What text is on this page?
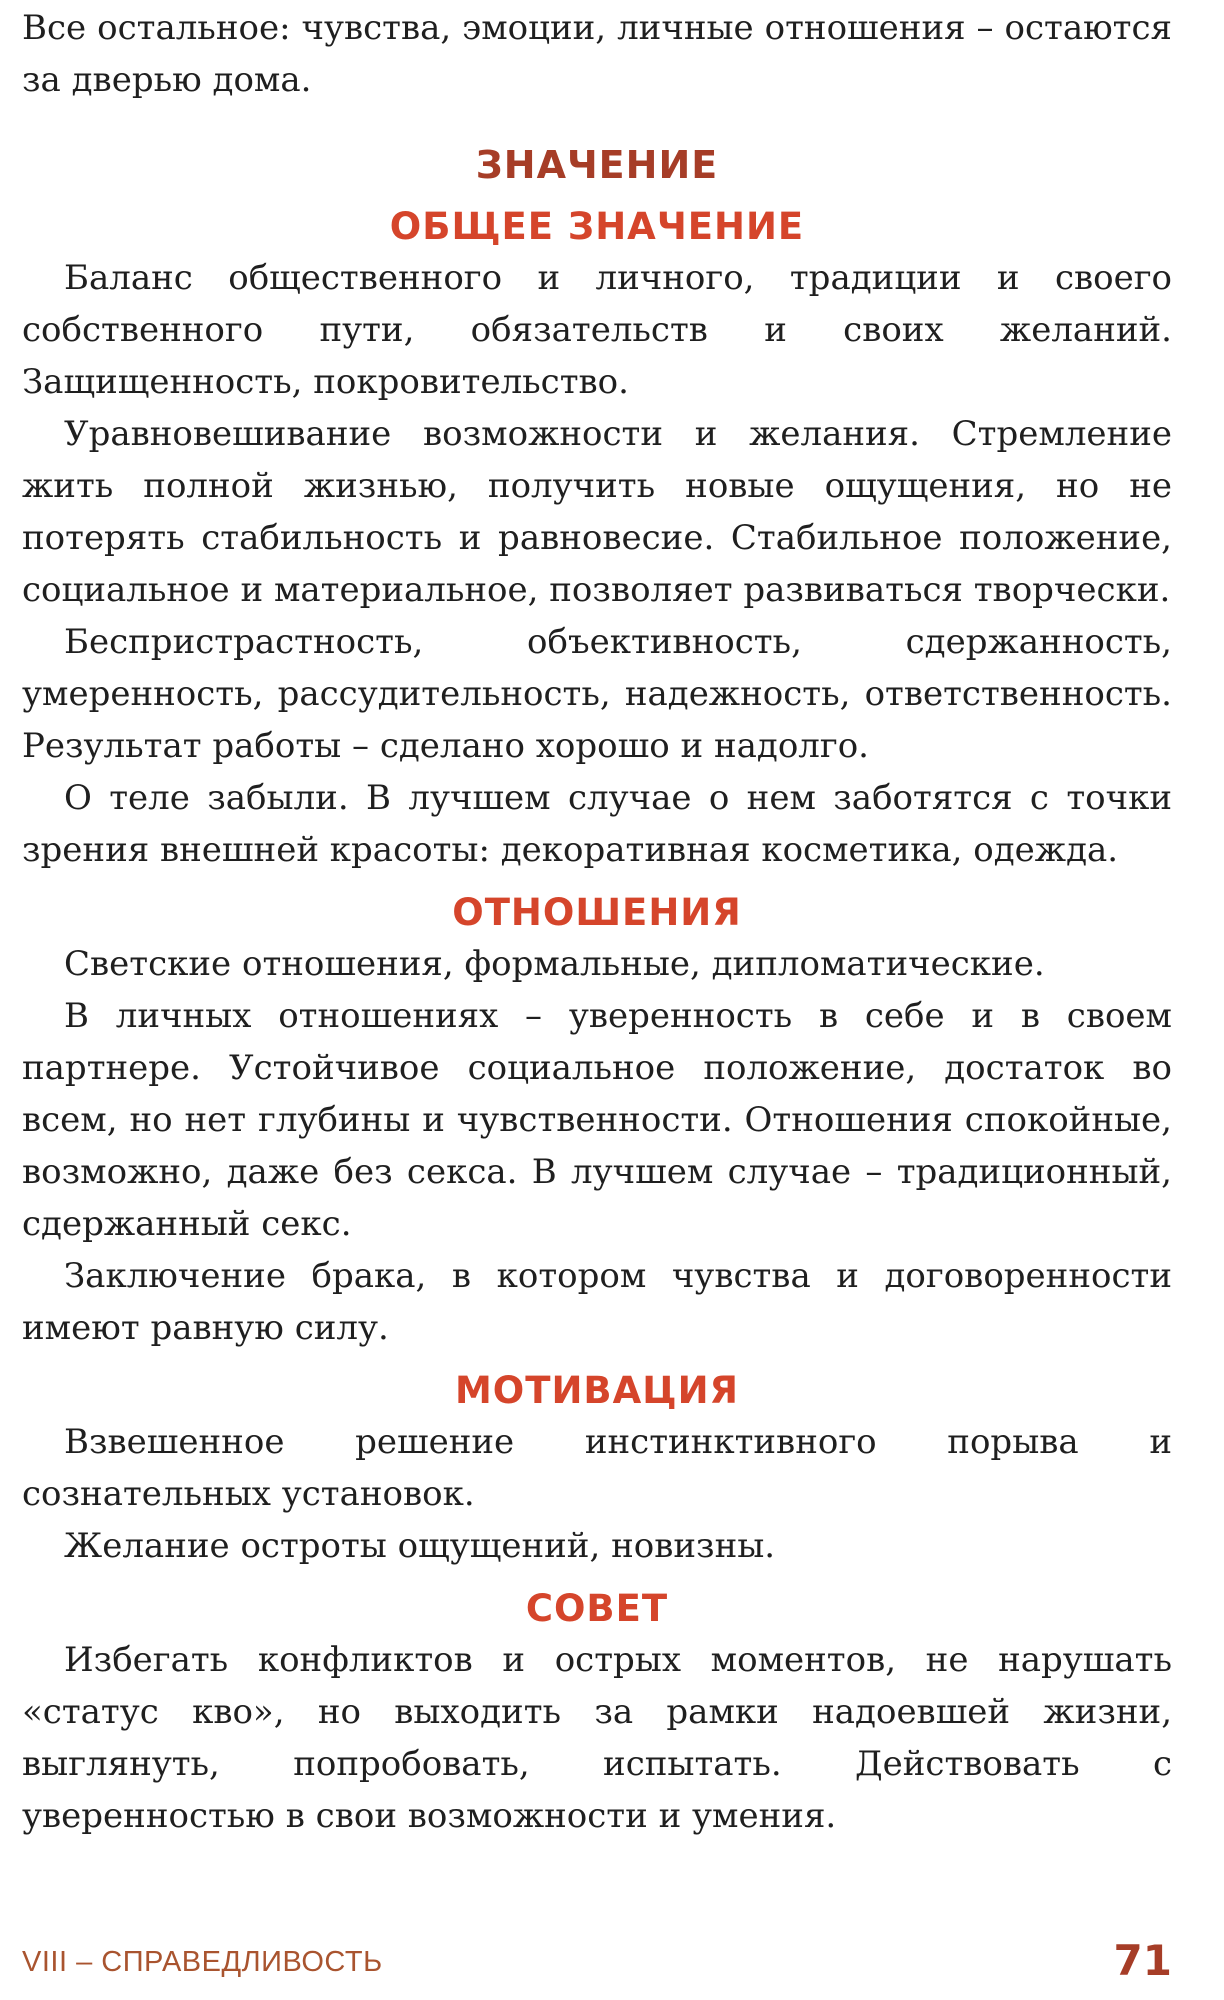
Все остальное: чувства, эмоции, личные отношения – остаются за дверью дома.

ЗНАЧЕНИЕ
ОБЩЕЕ ЗНАЧЕНИЕ

Баланс общественного и личного, традиции и своего собственного пути, обязательств и своих желаний. Защищенность, покровительство.

Уравновешивание возможности и желания. Стремление жить полной жизнью, получить новые ощущения, но не потерять стабильность и равновесие. Стабильное положение, социальное и материальное, позволяет развиваться творчески.

Беспристрастность, объективность, сдержанность, умеренность, рассудительность, надежность, ответственность. Результат работы – сделано хорошо и надолго.

О теле забыли. В лучшем случае о нем заботятся с точки зрения внешней красоты: декоративная косметика, одежда.

ОТНОШЕНИЯ

Светские отношения, формальные, дипломатические.

В личных отношениях – уверенность в себе и в своем партнере. Устойчивое социальное положение, достаток во всем, но нет глубины и чувственности. Отношения спокойные, возможно, даже без секса. В лучшем случае – традиционный, сдержанный секс.

Заключение брака, в котором чувства и договоренности имеют равную силу.

МОТИВАЦИЯ

Взвешенное решение инстинктивного порыва и сознательных установок.

Желание остроты ощущений, новизны.

СОВЕТ

Избегать конфликтов и острых моментов, не нарушать «статус кво», но выходить за рамки надоевшей жизни, выглянуть, попробовать, испытать. Действовать с уверенностью в свои возможности и умения.

VIII – СПРАВЕДЛИВОСТЬ	71
